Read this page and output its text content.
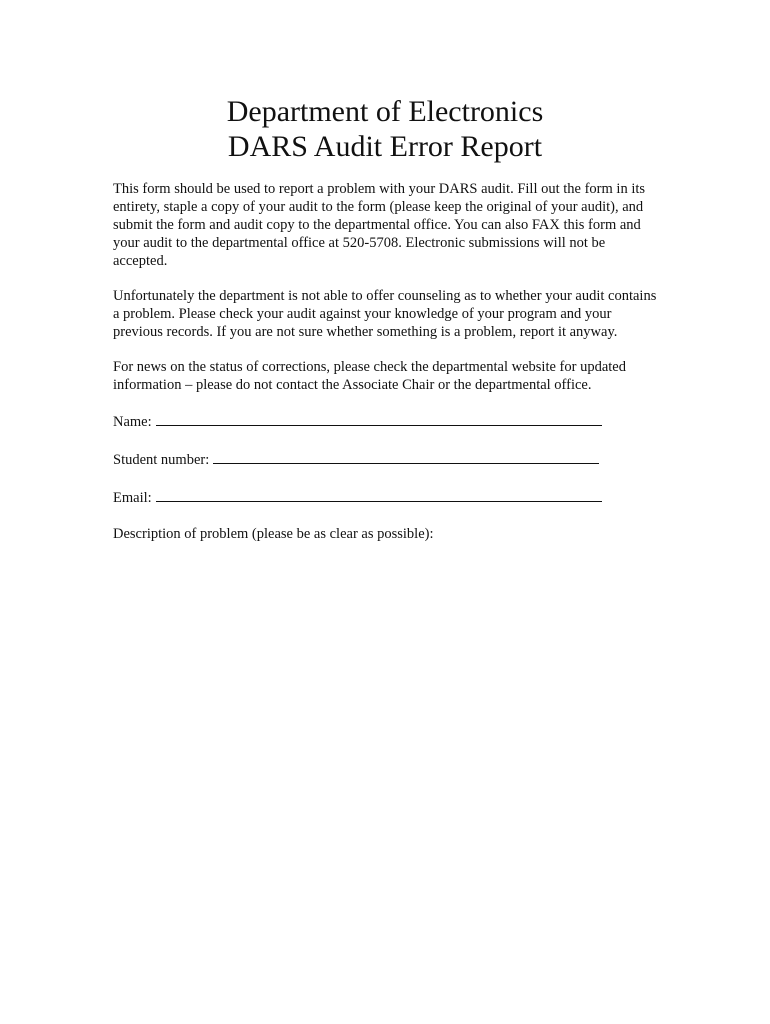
Department of Electronics
DARS Audit Error Report

This form should be used to report a problem with your DARS audit. Fill out the form in its entirety, staple a copy of your audit to the form (please keep the original of your audit), and submit the form and audit copy to the departmental office. You can also FAX this form and your audit to the departmental office at 520-5708. Electronic submissions will not be accepted.

Unfortunately the department is not able to offer counseling as to whether your audit contains a problem. Please check your audit against your knowledge of your program and your previous records. If you are not sure whether something is a problem, report it anyway.

For news on the status of corrections, please check the departmental website for updated information – please do not contact the Associate Chair or the departmental office.

Name:
Student number:
Email:

Description of problem (please be as clear as possible):
